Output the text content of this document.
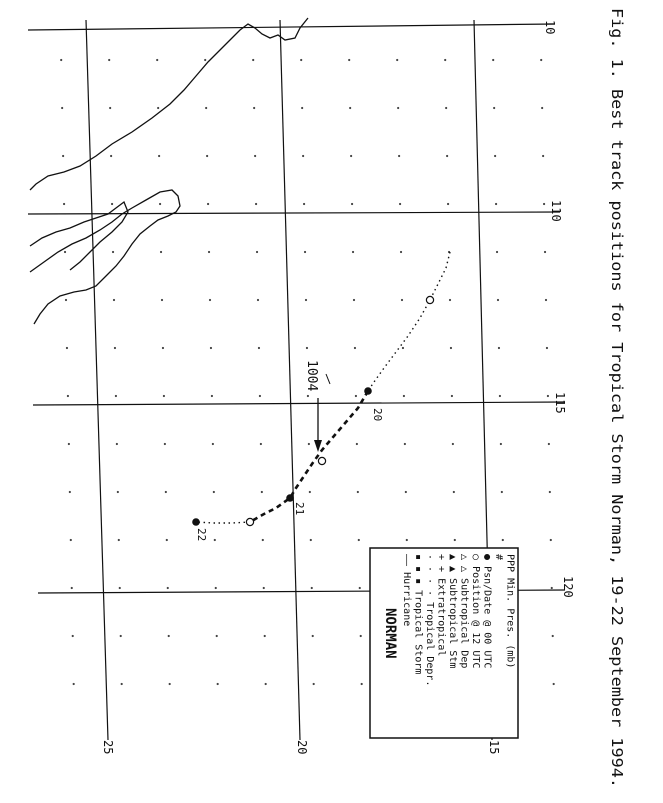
20
21
22
1004
10
110
115
120
25	20	15
NORMAN
—— Hurricane ▪ ▪ ▪ Tropical Storm
· · · · Tropical Depr.
+ + Extratropical
▲ ▲ Subtropical Stm
△ △ Subtropical Dep
○ Position @ 12 UTC
● Psn/Date @ 00 UTC
# PPP Min. Pres. (mb)	Fig. 1. Best track positions for Tropical Storm Norman, 19-22 September 1994.
